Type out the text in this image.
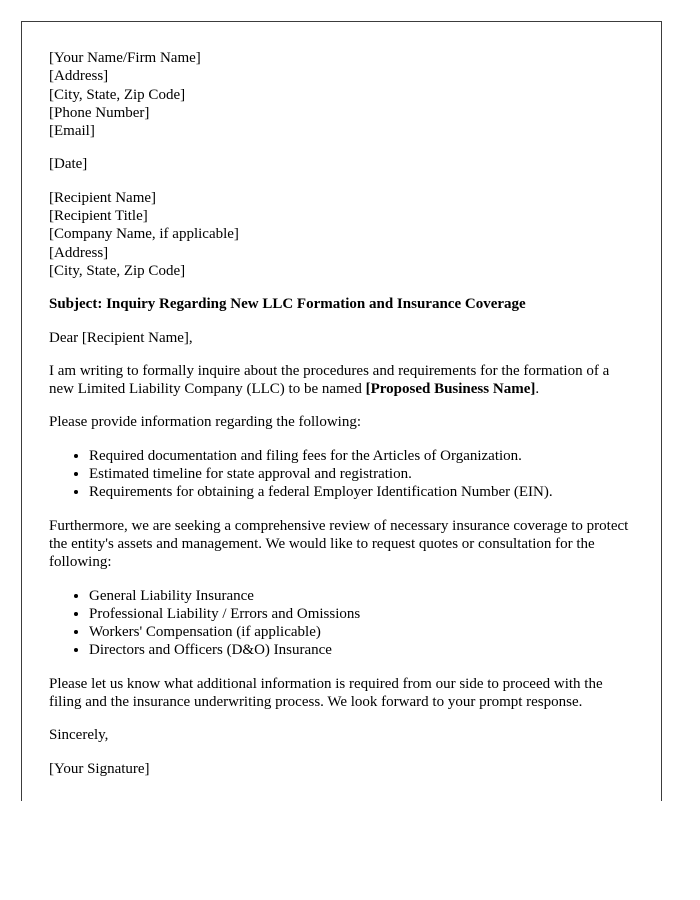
[Your Name/Firm Name]
[Address]
[City, State, Zip Code]
[Phone Number]
[Email]
[Date]
[Recipient Name]
[Recipient Title]
[Company Name, if applicable]
[Address]
[City, State, Zip Code]
Subject: Inquiry Regarding New LLC Formation and Insurance Coverage
Dear [Recipient Name],
I am writing to formally inquire about the procedures and requirements for the formation of a new Limited Liability Company (LLC) to be named [Proposed Business Name].
Please provide information regarding the following:
• Required documentation and filing fees for the Articles of Organization.
• Estimated timeline for state approval and registration.
• Requirements for obtaining a federal Employer Identification Number (EIN).
Furthermore, we are seeking a comprehensive review of necessary insurance coverage to protect the entity's assets and management. We would like to request quotes or consultation for the following:
• General Liability Insurance
• Professional Liability / Errors and Omissions
• Workers' Compensation (if applicable)
• Directors and Officers (D&O) Insurance
Please let us know what additional information is required from our side to proceed with the filing and the insurance underwriting process. We look forward to your prompt response.
Sincerely,
[Your Signature]
